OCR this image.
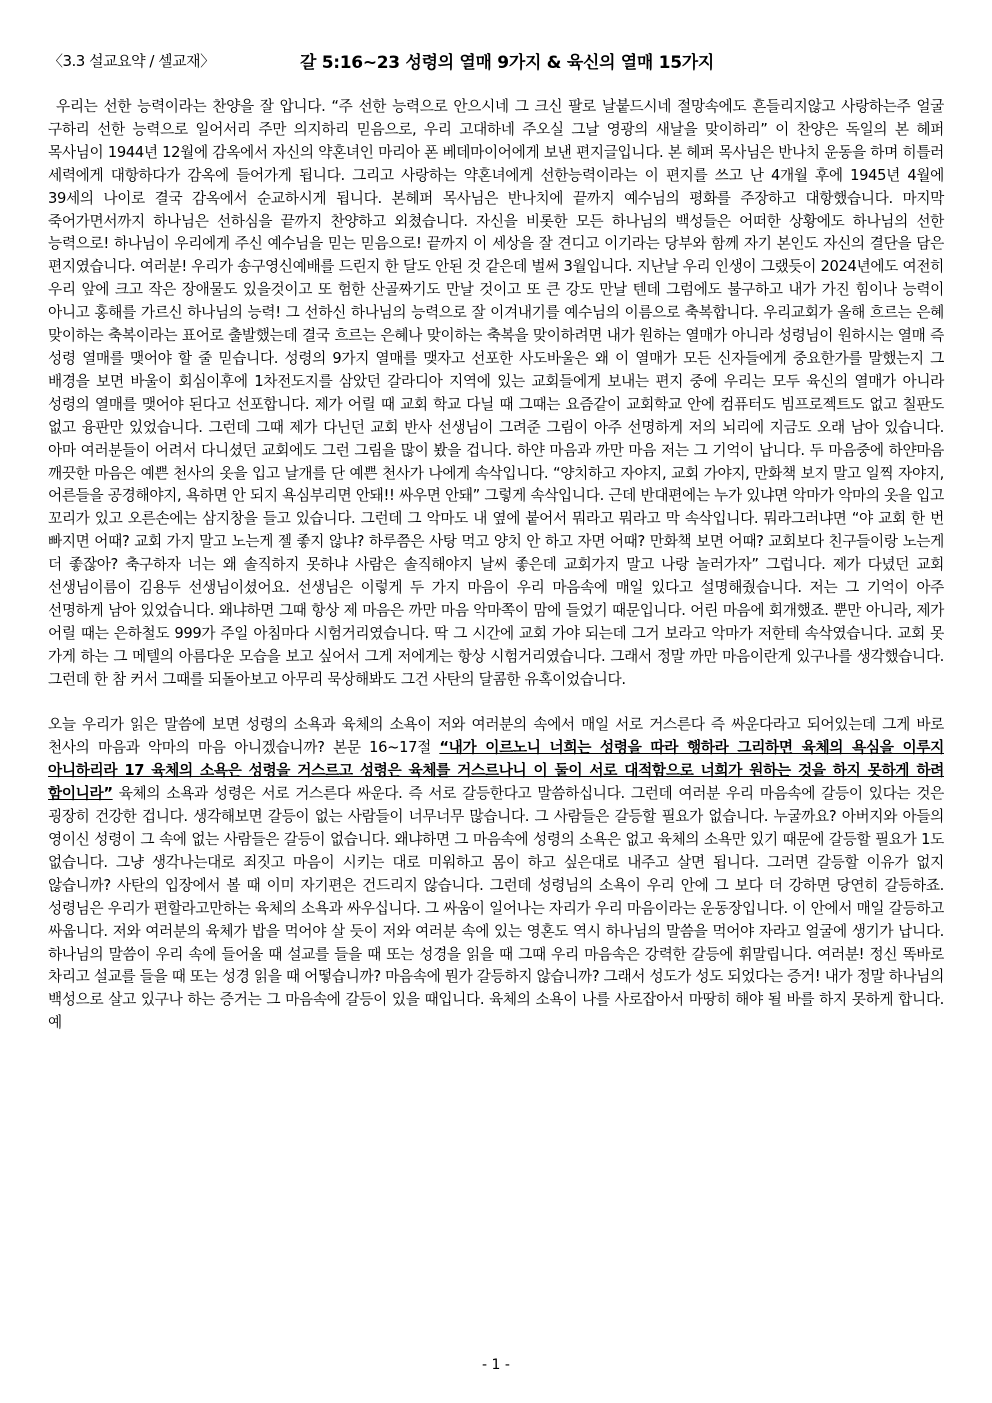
〈3.3 설교요약 / 셀교재〉	갈 5:16~23 성령의 열매 9가지 & 육신의 열매 15가지

우리는 선한 능력이라는 찬양을 잘 압니다. “주 선한 능력으로 안으시네 그 크신 팔로 날붙드시네 절망속에도 흔들리지않고 사랑하는주 얼굴 구하리 선한 능력으로 일어서리 주만 의지하리 믿음으로, 우리 고대하네 주오실 그날 영광의 새날을 맞이하리” 이 찬양은 독일의 본 헤퍼 목사님이 1944년 12월에 감옥에서 자신의 약혼녀인 마리아 폰 베데마이어에게 보낸 편지글입니다. 본 헤퍼 목사님은 반나치 운동을 하며 히틀러 세력에게 대항하다가 감옥에 들어가게 됩니다. 그리고 사랑하는 약혼녀에게 선한능력이라는 이 편지를 쓰고 난 4개월 후에 1945년 4월에 39세의 나이로 결국 감옥에서 순교하시게 됩니다. 본헤퍼 목사님은 반나치에 끝까지 예수님의 평화를 주장하고 대항했습니다. 마지막 죽어가면서까지 하나님은 선하심을 끝까지 찬양하고 외쳤습니다. 자신을 비롯한 모든 하나님의 백성들은 어떠한 상황에도 하나님의 선한 능력으로! 하나님이 우리에게 주신 예수님을 믿는 믿음으로! 끝까지 이 세상을 잘 견디고 이기라는 당부와 함께 자기 본인도 자신의 결단을 담은 편지였습니다. 여러분! 우리가 송구영신예배를 드린지 한 달도 안된 것 같은데 벌써 3월입니다. 지난날 우리 인생이 그랬듯이 2024년에도 여전히 우리 앞에 크고 작은 장애물도 있을것이고 또 험한 산골짜기도 만날 것이고 또 큰 강도 만날 텐데 그럼에도 불구하고 내가 가진 힘이나 능력이 아니고 홍해를 가르신 하나님의 능력! 그 선하신 하나님의 능력으로 잘 이겨내기를 예수님의 이름으로 축복합니다. 우리교회가 올해 흐르는 은혜 맞이하는 축복이라는 표어로 출발했는데 결국 흐르는 은혜나 맞이하는 축복을 맞이하려면 내가 원하는 열매가 아니라 성령님이 원하시는 열매 즉 성령 열매를 맺어야 할 줄 믿습니다. 성령의 9가지 열매를 맺자고 선포한 사도바울은 왜 이 열매가 모든 신자들에게 중요한가를 말했는지 그 배경을 보면 바울이 회심이후에 1차전도지를 삼았던 갈라디아 지역에 있는 교회들에게 보내는 편지 중에 우리는 모두 육신의 열매가 아니라 성령의 열매를 맺어야 된다고 선포합니다. 제가 어릴 때 교회 학교 다닐 때 그때는 요즘같이 교회학교 안에 컴퓨터도 빔프로젝트도 없고 칠판도 없고 융판만 있었습니다. 그런데 그때 제가 다닌던 교회 반사 선생님이 그려준 그림이 아주 선명하게 저의 뇌리에 지금도 오래 남아 있습니다. 아마 여러분들이 어려서 다니셨던 교회에도 그런 그림을 많이 봤을 겁니다. 하얀 마음과 까만 마음 저는 그 기억이 납니다. 두 마음중에 하얀마음 깨끗한 마음은 예쁜 천사의 옷을 입고 날개를 단 예쁜 천사가 나에게 속삭입니다. “양치하고 자야지, 교회 가야지, 만화책 보지 말고 일찍 자야지, 어른들을 공경해야지, 욕하면 안 되지 욕심부리면 안돼!! 싸우면 안돼” 그렇게 속삭입니다. 근데 반대편에는 누가 있냐면 악마가 악마의 옷을 입고 꼬리가 있고 오른손에는 삼지창을 들고 있습니다. 그런데 그 악마도 내 옆에 붙어서 뭐라고 뭐라고 막 속삭입니다. 뭐라그러냐면 “야 교회 한 번 빠지면 어때? 교회 가지 말고 노는게 젤 좋지 않냐? 하루쯤은 사탕 먹고 양치 안 하고 자면 어때? 만화책 보면 어때? 교회보다 친구들이랑 노는게 더 좋잖아? 축구하자 너는 왜 솔직하지 못하냐 사람은 솔직해야지 날씨 좋은데 교회가지 말고 나랑 놀러가자” 그럽니다. 제가 다녔던 교회 선생님이름이 김용두 선생님이셨어요. 선생님은 이렇게 두 가지 마음이 우리 마음속에 매일 있다고 설명해줬습니다. 저는 그 기억이 아주 선명하게 남아 있었습니다. 왜냐하면 그때 항상 제 마음은 까만 마음 악마쪽이 맘에 들었기 때문입니다. 어린 마음에 회개했죠. 뿐만 아니라, 제가 어릴 때는 은하철도 999가 주일 아침마다 시험거리였습니다. 딱 그 시간에 교회 가야 되는데 그거 보라고 악마가 저한테 속삭였습니다. 교회 못 가게 하는 그 메텔의 아름다운 모습을 보고 싶어서 그게 저에게는 항상 시험거리였습니다. 그래서 정말 까만 마음이란게 있구나를 생각했습니다. 그런데 한 참 커서 그때를 되돌아보고 아무리 묵상해봐도 그건 사탄의 달콤한 유혹이었습니다.

오늘 우리가 읽은 말씀에 보면 성령의 소욕과 육체의 소욕이 저와 여러분의 속에서 매일 서로 거스른다 즉 싸운다라고 되어있는데 그게 바로 천사의 마음과 악마의 마음 아니겠습니까? 본문 16~17절 “내가 이르노니 너희는 성령을 따라 행하라 그리하면 육체의 욕심을 이루지 아니하리라 17 육체의 소욕은 성령을 거스르고 성령은 육체를 거스르나니 이 둘이 서로 대적함으로 너희가 원하는 것을 하지 못하게 하려 함이니라” 육체의 소욕과 성령은 서로 거스른다 싸운다. 즉 서로 갈등한다고 말씀하십니다. 그런데 여러분 우리 마음속에 갈등이 있다는 것은 굉장히 건강한 겁니다. 생각해보면 갈등이 없는 사람들이 너무너무 많습니다. 그 사람들은 갈등할 필요가 없습니다. 누굴까요? 아버지와 아들의 영이신 성령이 그 속에 없는 사람들은 갈등이 없습니다. 왜냐하면 그 마음속에 성령의 소욕은 없고 육체의 소욕만 있기 때문에 갈등할 필요가 1도 없습니다. 그냥 생각나는대로 죄짓고 마음이 시키는 대로 미워하고 몸이 하고 싶은대로 내주고 살면 됩니다. 그러면 갈등할 이유가 없지 않습니까? 사탄의 입장에서 볼 때 이미 자기편은 건드리지 않습니다. 그런데 성령님의 소욕이 우리 안에 그 보다 더 강하면 당연히 갈등하죠. 성령님은 우리가 편할라고만하는 육체의 소욕과 싸우십니다. 그 싸움이 일어나는 자리가 우리 마음이라는 운동장입니다. 이 안에서 매일 갈등하고 싸웁니다. 저와 여러분의 육체가 밥을 먹어야 살 듯이 저와 여러분 속에 있는 영혼도 역시 하나님의 말씀을 먹어야 자라고 얼굴에 생기가 납니다. 하나님의 말씀이 우리 속에 들어올 때 설교를 들을 때 또는 성경을 읽을 때 그때 우리 마음속은 강력한 갈등에 휘말립니다. 여러분! 정신 똑바로 차리고 설교를 들을 때 또는 성경 읽을 때 어떻습니까? 마음속에 뭔가 갈등하지 않습니까? 그래서 성도가 성도 되었다는 증거! 내가 정말 하나님의 백성으로 살고 있구나 하는 증거는 그 마음속에 갈등이 있을 때입니다. 육체의 소욕이 나를 사로잡아서 마땅히 해야 될 바를 하지 못하게 합니다. 예

- 1 -
